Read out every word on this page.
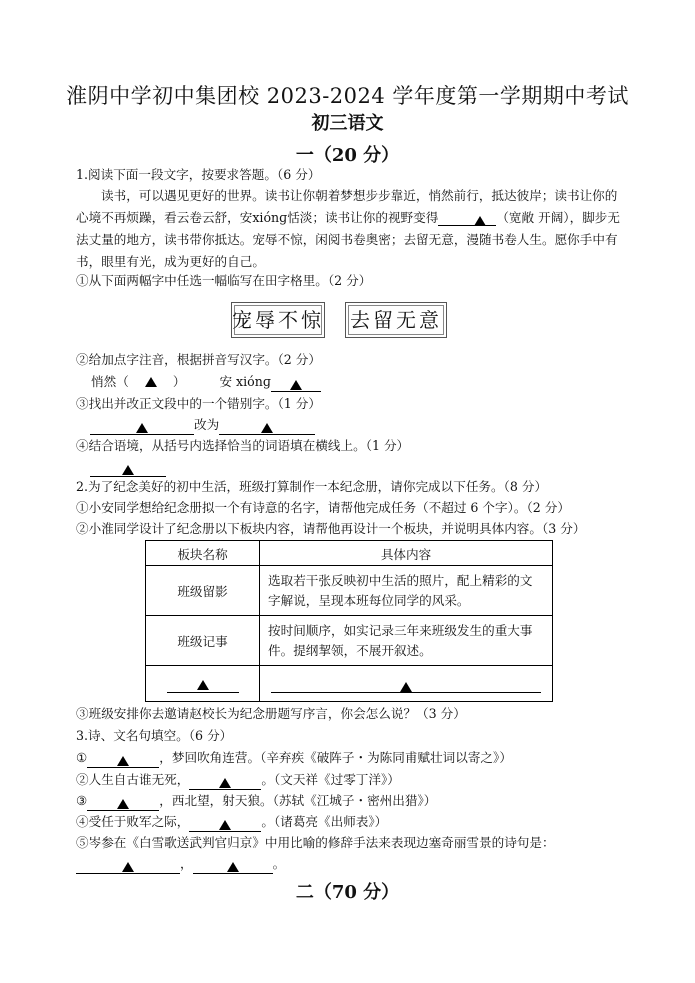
淮阴中学初中集团校 2023-2024 学年度第一学期期中考试
初三语文
一（20 分）
1.阅读下面一段文字，按要求答题。（6 分）
读书，可以遇见更好的世界。读书让你朝着梦想步步靠近，悄然前行，抵达彼岸；读书让你的心境不再烦躁，看云卷云舒，安xiónɡ恬淡；读书让你的视野变得	（宽敞 开阔），脚步无法丈量的地方，读书带你抵达。宠辱不惊，闲阅书卷奥密；去留无意，漫随书卷人生。愿你手中有书，眼里有光，成为更好的自己。
①从下面两幅字中任选一幅临写在田字格里。（2 分）
宠辱不惊 去留无意
②给加点字注音，根据拼音写汉字。（2 分）
悄然（	）	安 xiónɡ
③找出并改正文段中的一个错别字。（1 分）
改为
④结合语境，从括号内选择恰当的词语填在横线上。（1 分）
2.为了纪念美好的初中生活，班级打算制作一本纪念册，请你完成以下任务。（8 分）
①小安同学想给纪念册拟一个有诗意的名字，请帮他完成任务（不超过 6 个字）。（2 分）
②小淮同学设计了纪念册以下板块内容，请帮他再设计一个板块，并说明具体内容。（3 分）
板块名称	具体内容
班级留影	选取若干张反映初中生活的照片，配上精彩的文字解说，呈现本班每位同学的风采。
班级记事	按时间顺序，如实记录三年来班级发生的重大事件。提纲挈领，不展开叙述。

③班级安排你去邀请赵校长为纪念册题写序言，你会怎么说？（3 分）
3.诗、文名句填空。（6 分）
①	，梦回吹角连营。（辛弃疾《破阵子・为陈同甫赋壮词以寄之》）
②人生自古谁无死，	。（文天祥《过零丁洋》）
③	，西北望，射天狼。（苏轼《江城子・密州出猎》）
④受任于败军之际，	。（诸葛亮《出师表》）
⑤岑参在《白雪歌送武判官归京》中用比喻的修辞手法来表现边塞奇丽雪景的诗句是：
，	。
二（70 分）
